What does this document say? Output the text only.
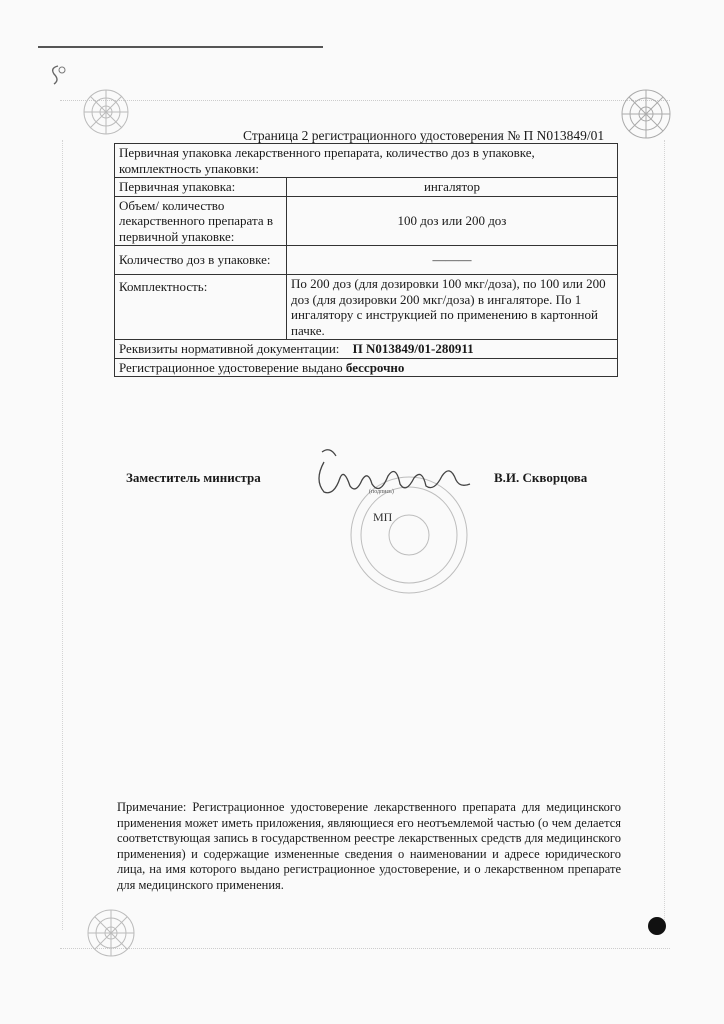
Страница 2 регистрационного удостоверения № П N013849/01
Первичная упаковка лекарственного препарата, количество доз в упаковке, комплектность упаковки:	
Первичная упаковка:	ингалятор
Объем/ количество лекарственного препарата в первичной упаковке:	100 доз или 200 доз
Количество доз в упаковке:	———
Комплектность:	По 200 доз (для дозировки 100 мкг/доза), по 100 или 200 доз (для дозировки 200 мкг/доза) в ингаляторе. По 1 ингалятору с инструкцией по применению в картонной пачке.
Реквизиты нормативной документации: П N013849/01-280911	
Регистрационное удостоверение выдано бессрочно	
Заместитель министра	В.И. Скворцова
(подпись)
МП
Примечание: Регистрационное удостоверение лекарственного препарата для медицинского применения может иметь приложения, являющиеся его неотъемлемой частью (о чем делается соответствующая запись в государственном реестре лекарственных средств для медицинского применения) и содержащие измененные сведения о наименовании и адресе юридического лица, на имя которого выдано регистрационное удостоверение, и о лекарственном препарате для медицинского применения.
